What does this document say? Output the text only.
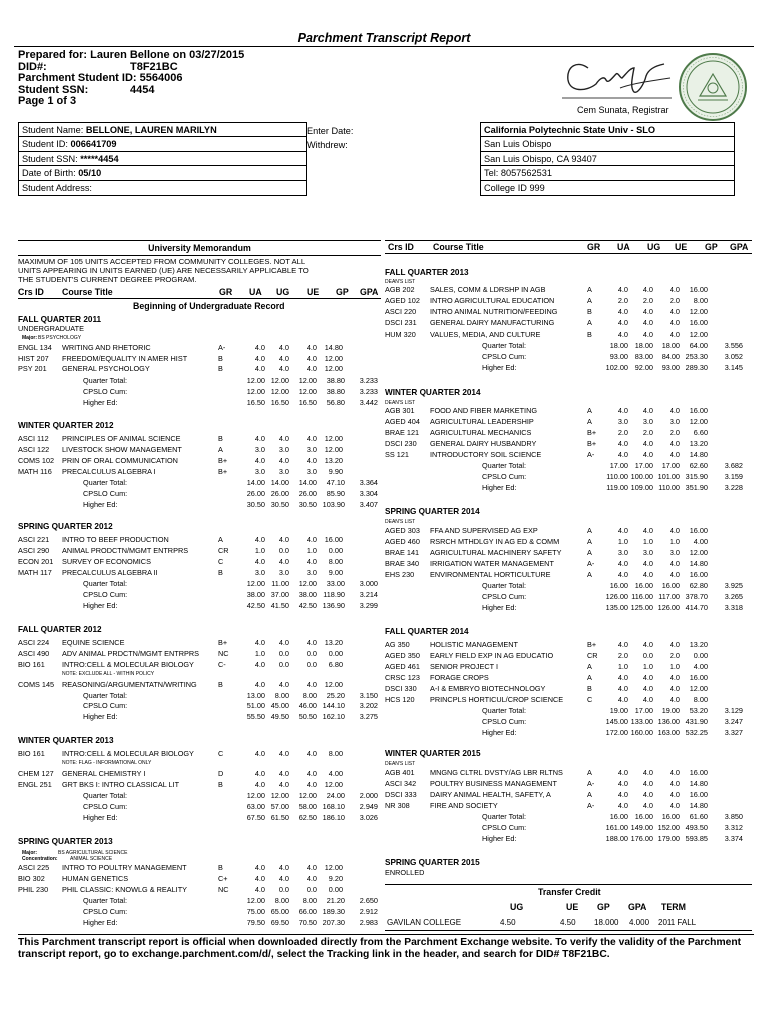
Parchment Transcript Report
Prepared for: Lauren Bellone on 03/27/2015
DID#:	T8F21BC
Parchment Student ID: 5564006
Student SSN:	4454
Page 1 of 3
Cem Sunata, Registrar
Student Name: BELLONE, LAUREN MARILYN
Student ID: 006641709
Student SSN: *****4454
Date of Birth: 05/10
Student Address:
Enter Date:
Withdrew:
California Polytechnic State Univ - SLO
San Luis Obispo
San Luis Obispo, CA 93407
Tel: 8057562531
College ID 999
University Memorandum
MAXIMUM OF 105 UNITS ACCEPTED FROM COMMUNITY COLLEGES. NOT ALL UNITS APPEARING IN UNITS EARNED (UE) ARE NECESSARILY APPLICABLE TO THE STUDENT'S CURRENT DEGREE PROGRAM.
Crs ID Course Title	GR UA UG UE GP GPA
Beginning of Undergraduate Record
FALL QUARTER 2011
UNDERGRADUATE
Major: BS PSYCHOLOGY
ENGL 134 WRITING AND RHETORIC	A-	4.0	4.0	4.0	14.80
HIST 207 FREEDOM/EQUALITY IN AMER HIST	B	4.0	4.0	4.0	12.00
PSY 201 GENERAL PSYCHOLOGY	B	4.0	4.0	4.0	12.00
Quarter Total:	12.00 12.00	12.00	38.80	3.233
CPSLO Cum:	12.00 12.00	12.00	38.80	3.233
Higher Ed:	16.50 16.50	16.50	56.80	3.442
WINTER QUARTER 2012
ASCI 112 PRINCIPLES OF ANIMAL SCIENCE	B	4.0	4.0	4.0	12.00
ASCI 122 LIVESTOCK SHOW MANAGEMENT	A	3.0	3.0	3.0	12.00
COMS 102 PRIN OF ORAL COMMUNICATION	B+	4.0	4.0	4.0	13.20
MATH 116 PRECALCULUS ALGEBRA I	B+	3.0	3.0	3.0	9.90
Quarter Total:	14.00 14.00	14.00	47.10	3.364
CPSLO Cum:	26.00 26.00	26.00	85.90	3.304
Higher Ed:	30.50 30.50	30.50 103.90	3.407
SPRING QUARTER 2012
ASCI 221 INTRO TO BEEF PRODUCTION	A	4.0	4.0	4.0	16.00
ASCI 290 ANIMAL PRODCTN/MGMT ENTRPRS	CR	1.0	0.0	1.0	0.00
ECON 201 SURVEY OF ECONOMICS	C	4.0	4.0	4.0	8.00
MATH 117 PRECALCULUS ALGEBRA II	B	3.0	3.0	3.0	9.00
Quarter Total:	12.00 11.00	12.00	33.00	3.000
CPSLO Cum:	38.00 37.00	38.00 118.90	3.214
Higher Ed:	42.50 41.50	42.50 136.90	3.299
FALL QUARTER 2012
ASCI 224 EQUINE SCIENCE	B+	4.0	4.0	4.0	13.20
ASCI 490 ADV ANIMAL PRDCTN/MGMT ENTRPRS	NC	1.0	0.0	0.0	0.00
BIO 161 INTRO:CELL & MOLECULAR BIOLOGY	C-	4.0	0.0	0.0	6.80
NOTE: EXCLUDE ALL - WITHIN POLICY
COMS 145 REASONING/ARGUMENTATN/WRITING	B	4.0	4.0	4.0	12.00
Quarter Total:	13.00	8.00	8.00	25.20	3.150
CPSLO Cum:	51.00 45.00	46.00 144.10	3.202
Higher Ed:	55.50 49.50	50.50 162.10	3.275
WINTER QUARTER 2013
BIO 161 INTRO:CELL & MOLECULAR BIOLOGY	C	4.0	4.0	4.0	8.00
NOTE: FLAG - INFORMATIONAL ONLY
CHEM 127 GENERAL CHEMISTRY I	D	4.0	4.0	4.0	4.00
ENGL 251 GRT BKS I: INTRO CLASSICAL LIT	B	4.0	4.0	4.0	12.00
Quarter Total:	12.00 12.00	12.00	24.00	2.000
CPSLO Cum:	63.00 57.00	58.00 168.10	2.949
Higher Ed:	67.50 61.50	62.50 186.10	3.026
SPRING QUARTER 2013
Major:	BS AGRICULTURAL SCIENCE
Concentration: ANIMAL SCIENCE
ASCI 225 INTRO TO POULTRY MANAGEMENT	B	4.0	4.0	4.0	12.00
BIO 302 HUMAN GENETICS	C+	4.0	4.0	4.0	9.20
PHIL 230 PHIL CLASSIC: KNOWLG & REALITY	NC	4.0	0.0	0.0	0.00
Quarter Total:	12.00	8.00	8.00	21.20	2.650
CPSLO Cum:	75.00 65.00	66.00 189.30	2.912
Higher Ed:	79.50 69.50	70.50 207.30	2.983
Crs ID Course Title	GR UA UG UE GP GPA
FALL QUARTER 2013
DEAN'S LIST
AGB 202 SALES, COMM & LDRSHP IN AGB	A	4.0	4.0	4.0	16.00
AGED 102 INTRO AGRICULTURAL EDUCATION	A	2.0	2.0	2.0	8.00
ASCI 220 INTRO ANIMAL NUTRITION/FEEDING	B	4.0	4.0	4.0	12.00
DSCI 231 GENERAL DAIRY MANUFACTURING	A	4.0	4.0	4.0	16.00
HUM 320 VALUES, MEDIA, AND CULTURE	B	4.0	4.0	4.0	12.00
Quarter Total:	18.00 18.00	18.00	64.00	3.556
CPSLO Cum:	93.00 83.00	84.00 253.30	3.052
Higher Ed:	102.00 92.00	93.00 289.30	3.145
WINTER QUARTER 2014
DEAN'S LIST
AGB 301 FOOD AND FIBER MARKETING	A	4.0	4.0	4.0	16.00
AGED 404 AGRICULTURAL LEADERSHIP	A	3.0	3.0	3.0	12.00
BRAE 121 AGRICULTURAL MECHANICS	B+	2.0	2.0	2.0	6.60
DSCI 230 GENERAL DAIRY HUSBANDRY	B+	4.0	4.0	4.0	13.20
SS 121	INTRODUCTORY SOIL SCIENCE	A-	4.0	4.0	4.0	14.80
Quarter Total:	17.00 17.00	17.00	62.60	3.682
CPSLO Cum:	110.00 100.00 101.00 315.90	3.159
Higher Ed:	119.00 109.00 110.00 351.90	3.228
SPRING QUARTER 2014
DEAN'S LIST
AGED 303 FFA AND SUPERVISED AG EXP	A	4.0	4.0	4.0	16.00
AGED 460 RSRCH MTHDLGY IN AG ED & COMM	A	1.0	1.0	1.0	4.00
BRAE 141 AGRICULTURAL MACHINERY SAFETY	A	3.0	3.0	3.0	12.00
BRAE 340 IRRIGATION WATER MANAGEMENT	A-	4.0	4.0	4.0	14.80
EHS 230 ENVIRONMENTAL HORTICULTURE	A	4.0	4.0	4.0	16.00
Quarter Total:	16.00 16.00	16.00	62.80	3.925
CPSLO Cum:	126.00 116.00 117.00 378.70	3.265
Higher Ed:	135.00 125.00 126.00 414.70	3.318
FALL QUARTER 2014
AG 350	HOLISTIC MANAGEMENT	B+	4.0	4.0	4.0	13.20
AGED 350 EARLY FIELD EXP IN AG EDUCATIO	CR	2.0	0.0	2.0	0.00
AGED 461 SENIOR PROJECT I	A	1.0	1.0	1.0	4.00
CRSC 123 FORAGE CROPS	A	4.0	4.0	4.0	16.00
DSCI 330 A-I & EMBRYO BIOTECHNOLOGY	B	4.0	4.0	4.0	12.00
HCS 120 PRINCPLS HORTICUL/CROP SCIENCE	C	4.0	4.0	4.0	8.00
Quarter Total:	19.00 17.00	19.00	53.20	3.129
CPSLO Cum:	145.00 133.00 136.00 431.90	3.247
Higher Ed:	172.00 160.00 163.00 532.25	3.327
WINTER QUARTER 2015
DEAN'S LIST
AGB 401 MNGNG CLTRL DVSTY/AG LBR RLTNS	A	4.0	4.0	4.0	16.00
ASCI 342 POULTRY BUSINESS MANAGEMENT	A-	4.0	4.0	4.0	14.80
DSCI 333 DAIRY ANIMAL HEALTH, SAFETY, A	A	4.0	4.0	4.0	16.00
NR 308	FIRE AND SOCIETY	A-	4.0	4.0	4.0	14.80
Quarter Total:	16.00 16.00	16.00	61.60	3.850
CPSLO Cum:	161.00 149.00 152.00 493.50	3.312
Higher Ed:	188.00 176.00 179.00 593.85	3.374
SPRING QUARTER 2015
ENROLLED
Transfer Credit
UG	UE GP GPA TERM
GAVILAN COLLEGE	4.50	4.50 18.000 4.000 2011 FALL
This Parchment transcript report is official when downloaded directly from the Parchment Exchange website. To verify the validity of the Parchment transcript report, go to exchange.parchment.com/d/, select the Tracking link in the header, and search for DID# T8F21BC.
